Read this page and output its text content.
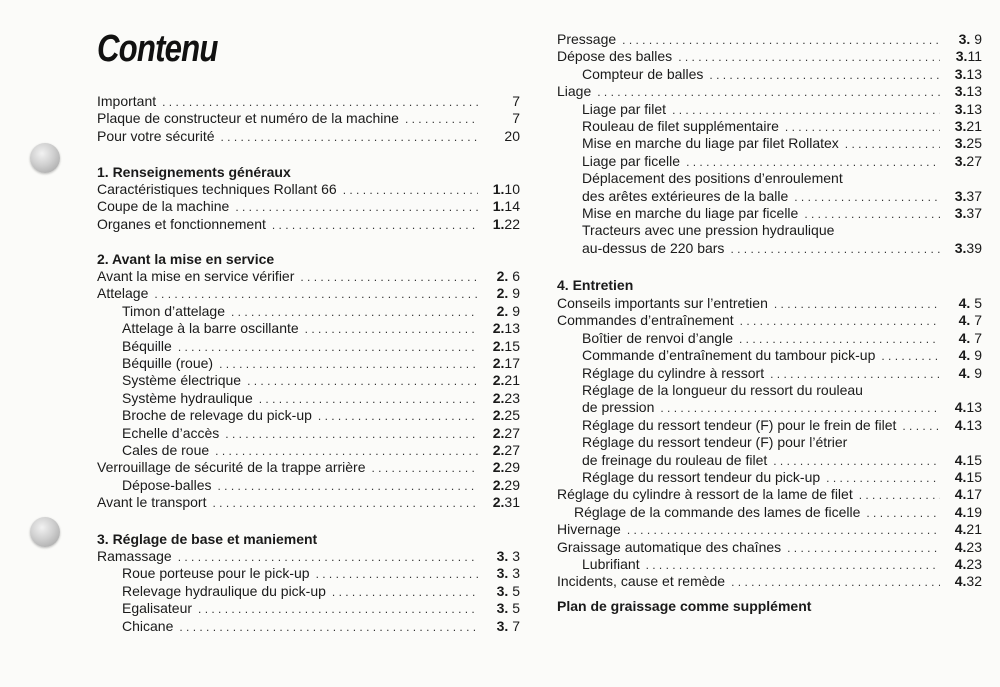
Contenu
Important . . .	7
Plaque de constructeur et numéro de la machine . . .	7
Pour votre sécurité . . .	20
1. Renseignements généraux
Caractéristiques techniques Rollant 66 . . .	1.10
Coupe de la machine . . .	1.14
Organes et fonctionnement . . .	1.22
2. Avant la mise en service
Avant la mise en service vérifier . . .	2. 6
Attelage . . .	2. 9
Timon d’attelage . . .	2. 9
Attelage à la barre oscillante . . .	2.13
Béquille . . .	2.15
Béquille (roue) . . .	2.17
Système électrique . . .	2.21
Système hydraulique . . .	2.23
Broche de relevage du pick-up . . .	2.25
Echelle d’accès . . .	2.27
Cales de roue . . .	2.27
Verrouillage de sécurité de la trappe arrière . . .	2.29
Dépose-balles . . .	2.29
Avant le transport . . .	2.31
3. Réglage de base et maniement
Ramassage . . .	3. 3
Roue porteuse pour le pick-up . . .	3. 3
Relevage hydraulique du pick-up . . .	3. 5
Egalisateur . . .	3. 5
Chicane . . .	3. 7
Pressage . . .	3. 9
Dépose des balles . . .	3.11
Compteur de balles . . .	3.13
Liage . . .	3.13
Liage par filet . . .	3.13
Rouleau de filet supplémentaire . . .	3.21
Mise en marche du liage par filet Rollatex . . .	3.25
Liage par ficelle . . .	3.27
Déplacement des positions d’enroulement
des arêtes extérieures de la balle . . .	3.37
Mise en marche du liage par ficelle . . .	3.37
Tracteurs avec une pression hydraulique
au-dessus de 220 bars . . .	3.39
4. Entretien
Conseils importants sur l’entretien . . .	4. 5
Commandes d’entraînement . . .	4. 7
Boîtier de renvoi d’angle . . .	4. 7
Commande d’entraînement du tambour pick-up . . .	4. 9
Réglage du cylindre à ressort . . .	4. 9
Réglage de la longueur du ressort du rouleau
de pression . . .	4.13
Réglage du ressort tendeur (F) pour le frein de filet . . .	4.13
Réglage du ressort tendeur (F) pour l’étrier
de freinage du rouleau de filet . . .	4.15
Réglage du ressort tendeur du pick-up . . .	4.15
Réglage du cylindre à ressort de la lame de filet . . .	4.17
Réglage de la commande des lames de ficelle . . .	4.19
Hivernage . . .	4.21
Graissage automatique des chaînes . . .	4.23
Lubrifiant . . .	4.23
Incidents, cause et remède . . .	4.32
Plan de graissage comme supplément
